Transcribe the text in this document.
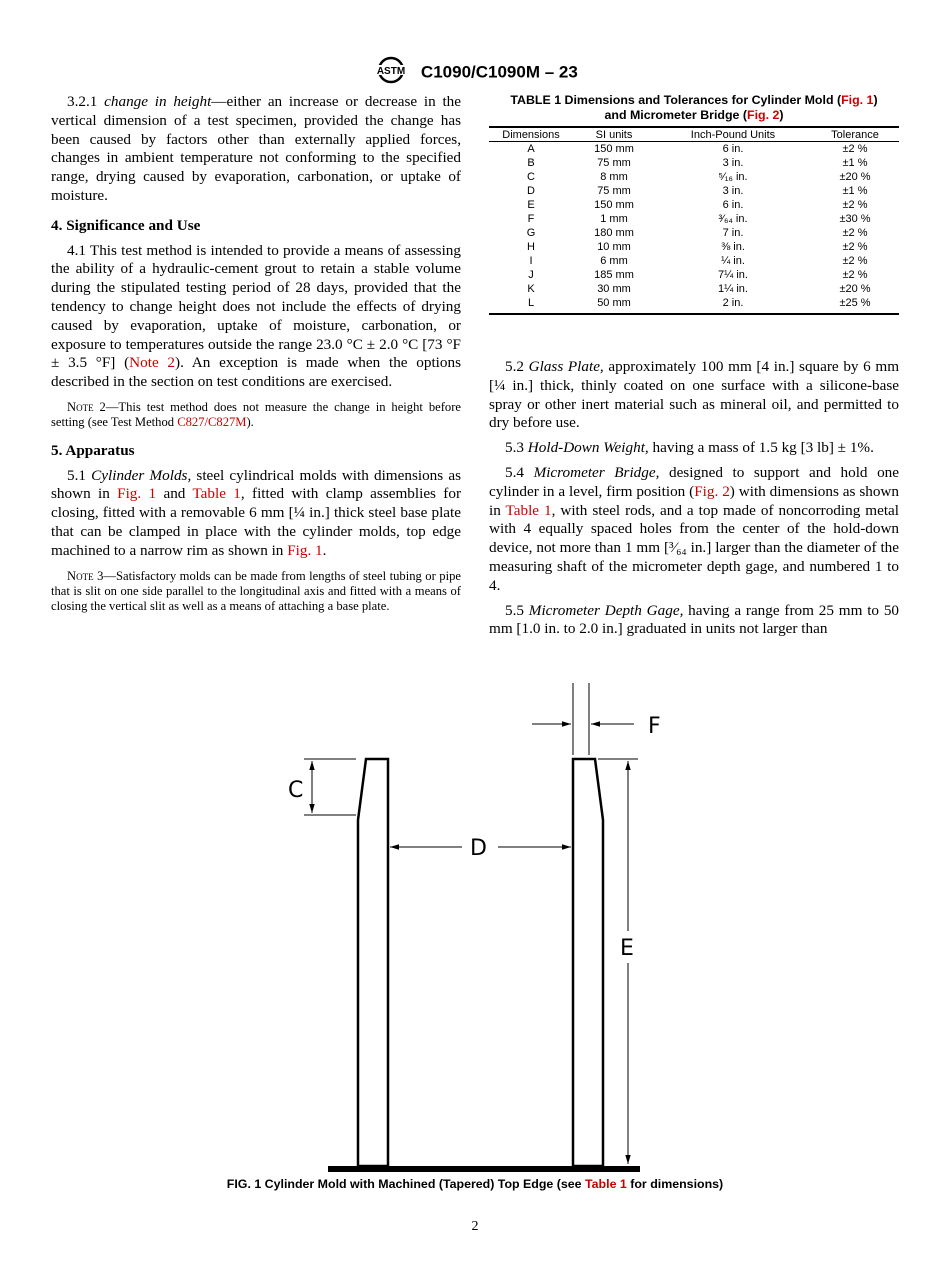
ASTM C1090/C1090M – 23

3.2.1 change in height—either an increase or decrease in the vertical dimension of a test specimen, provided the change has been caused by factors other than externally applied forces, changes in ambient temperature not conforming to the specified range, drying caused by evaporation, carbonation, or uptake of moisture.

4. Significance and Use

4.1 This test method is intended to provide a means of assessing the ability of a hydraulic-cement grout to retain a stable volume during the stipulated testing period of 28 days, provided that the tendency to change height does not include the effects of drying caused by evaporation, uptake of moisture, carbonation, or exposure to temperatures outside the range 23.0 °C ± 2.0 °C [73 °F ± 3.5 °F] (Note 2). An exception is made when the options described in the section on test conditions are exercised.

Note 2—This test method does not measure the change in height before setting (see Test Method C827/C827M).

5. Apparatus

5.1 Cylinder Molds, steel cylindrical molds with dimensions as shown in Fig. 1 and Table 1, fitted with clamp assemblies for closing, fitted with a removable 6 mm [¼ in.] thick steel base plate that can be clamped in place with the cylinder molds, top edge machined to a narrow rim as shown in Fig. 1.

Note 3—Satisfactory molds can be made from lengths of steel tubing or pipe that is slit on one side parallel to the longitudinal axis and fitted with a means of closing the vertical slit as well as a means of attaching a base plate.

TABLE 1 Dimensions and Tolerances for Cylinder Mold (Fig. 1)
and Micrometer Bridge (Fig. 2)
Dimensions	SI units	Inch-Pound Units	Tolerance
A	150 mm	6 in.	±2 %
B	75 mm	3 in.	±1 %
C	8 mm	⁵⁄₁₆ in.	±20 %
D	75 mm	3 in.	±1 %
E	150 mm	6 in.	±2 %
F	1 mm	³⁄₆₄ in.	±30 %
G	180 mm	7 in.	±2 %
H	10 mm	⅜ in.	±2 %
I	6 mm	¼ in.	±2 %
J	185 mm	7¼ in.	±2 %
K	30 mm	1¼ in.	±20 %
L	50 mm	2 in.	±25 %

5.2 Glass Plate, approximately 100 mm [4 in.] square by 6 mm [¼ in.] thick, thinly coated on one surface with a silicone-base spray or other inert material such as mineral oil, and permitted to dry before use.

5.3 Hold-Down Weight, having a mass of 1.5 kg [3 lb] ± 1%.

5.4 Micrometer Bridge, designed to support and hold one cylinder in a level, firm position (Fig. 2) with dimensions as shown in Table 1, with steel rods, and a top made of noncorroding metal with 4 equally spaced holes from the center of the hold-down device, not more than 1 mm [³⁄₆₄ in.] larger than the diameter of the measuring shaft of the micrometer depth gage, and numbered 1 to 4.

5.5 Micrometer Depth Gage, having a range from 25 mm to 50 mm [1.0 in. to 2.0 in.] graduated in units not larger than

C
D
F
E
FIG. 1 Cylinder Mold with Machined (Tapered) Top Edge (see Table 1 for dimensions)
2
